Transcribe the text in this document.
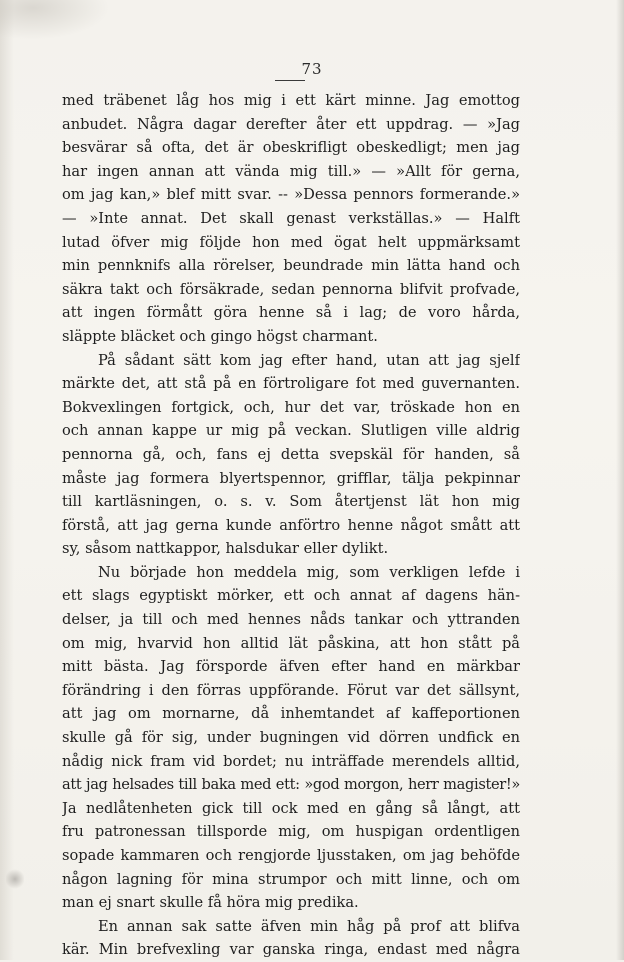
73
med träbenet låg hos mig i ett kärt minne. Jag emottog
anbudet. Några dagar derefter åter ett uppdrag. — »Jag
besvärar så ofta, det är obeskrifligt obeskedligt; men jag
har ingen annan att vända mig till.» — »Allt för gerna,
om jag kan,» blef mitt svar. -- »Dessa pennors formerande.»
— »Inte annat. Det skall genast verkställas.» — Halft
lutad öfver mig följde hon med ögat helt uppmärksamt
min pennknifs alla rörelser, beundrade min lätta hand och
säkra takt och försäkrade, sedan pennorna blifvit profvade,
att ingen förmått göra henne så i lag; de voro hårda,
släppte bläcket och gingo högst charmant.
På sådant sätt kom jag efter hand, utan att jag sjelf
märkte det, att stå på en förtroligare fot med guvernanten.
Bokvexlingen fortgick, och, hur det var, tröskade hon en
och annan kappe ur mig på veckan. Slutligen ville aldrig
pennorna gå, och, fans ej detta svepskäl för handen, så
måste jag formera blyertspennor, grifflar, tälja pekpinnar
till kartläsningen, o. s. v. Som återtjenst lät hon mig
förstå, att jag gerna kunde anförtro henne något smått att
sy, såsom nattkappor, halsdukar eller dylikt.
Nu började hon meddela mig, som verkligen lefde i
ett slags egyptiskt mörker, ett och annat af dagens hän-
delser, ja till och med hennes nåds tankar och yttranden
om mig, hvarvid hon alltid lät påskina, att hon stått på
mitt bästa. Jag försporde äfven efter hand en märkbar
förändring i den förras uppförande. Förut var det sällsynt,
att jag om mornarne, då inhemtandet af kaffeportionen
skulle gå för sig, under bugningen vid dörren undfick en
nådig nick fram vid bordet; nu inträffade merendels alltid,
att jag helsades till baka med ett: »god morgon, herr magister!»
Ja nedlåtenheten gick till ock med en gång så långt, att
fru patronessan tillsporde mig, om huspigan ordentligen
sopade kammaren och rengjorde ljusstaken, om jag behöfde
någon lagning för mina strumpor och mitt linne, och om
man ej snart skulle få höra mig predika.
En annan sak satte äfven min håg på prof att blifva
kär. Min brefvexling var ganska ringa, endast med några
